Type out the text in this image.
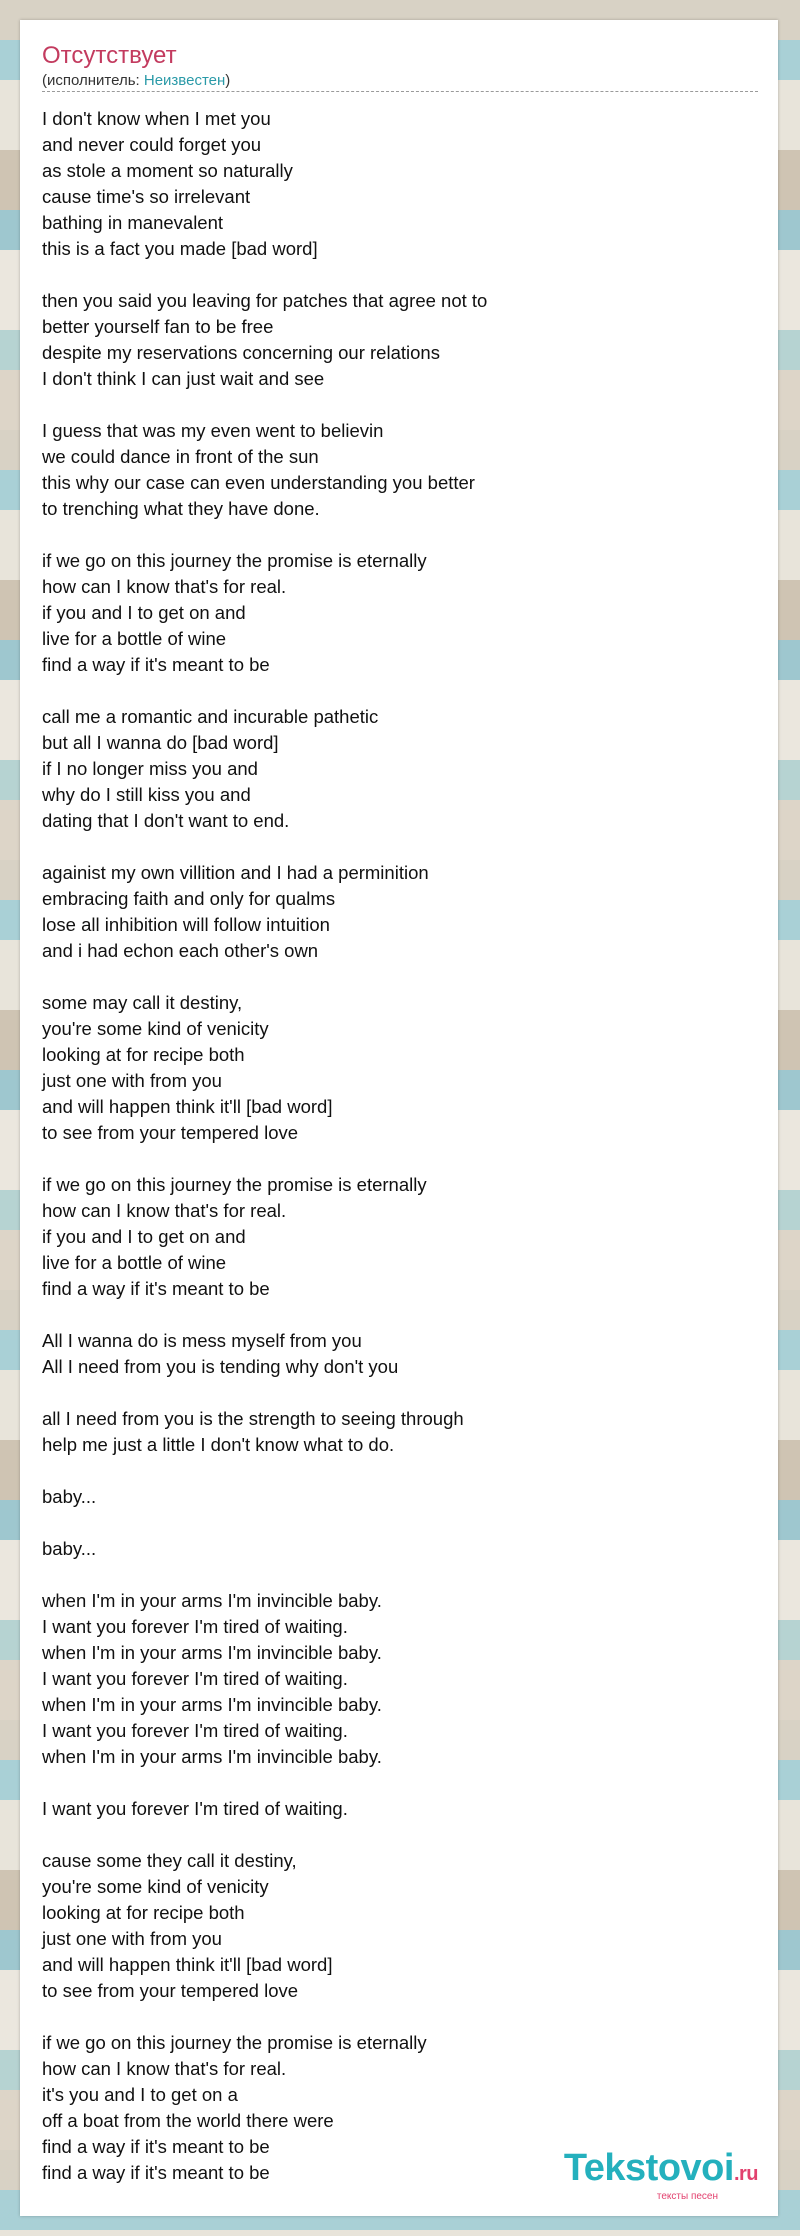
Отсутствует
(исполнитель: Неизвестен)
I don't know when I met you
and never could forget you
as stole a moment so naturally
cause time's so irrelevant
bathing in manevalent
this is a fact you made [bad word]
then you said you leaving for patches that agree not to
better yourself fan to be free
despite my reservations concerning our relations
I don't think I can just wait and see
I guess that was my even went to believin
we could dance in front of the sun
this why our case can even understanding you better
to trenching what they have done.
if we go on this journey the promise is eternally
how can I know that's for real.
if you and I to get on and
live for a bottle of wine
find a way if it's meant to be
call me a romantic and incurable pathetic
but all I wanna do [bad word]
if I no longer miss you and
why do I still kiss you and
dating that I don't want to end.
againist my own villition and I had a perminition
embracing faith and only for qualms
lose all inhibition will follow intuition
and i had echon each other's own
some may call it destiny,
you're some kind of venicity
looking at for recipe both
just one with from you
and will happen think it'll [bad word]
to see from your tempered love
if we go on this journey the promise is eternally
how can I know that's for real.
if you and I to get on and
live for a bottle of wine
find a way if it's meant to be
All I wanna do is mess myself from you
All I need from you is tending why don't you
all I need from you is the strength to seeing through
help me just a little I don't know what to do.
baby...
baby...
when I'm in your arms I'm invincible baby.
I want you forever I'm tired of waiting.
when I'm in your arms I'm invincible baby.
I want you forever I'm tired of waiting.
when I'm in your arms I'm invincible baby.
I want you forever I'm tired of waiting.
when I'm in your arms I'm invincible baby.
I want you forever I'm tired of waiting.
cause some they call it destiny,
you're some kind of venicity
looking at for recipe both
just one with from you
and will happen think it'll [bad word]
to see from your tempered love
if we go on this journey the promise is eternally
how can I know that's for real.
it's you and I to get on a
off a boat from the world there were
find a way if it's meant to be
find a way if it's meant to be	Tekstovoi.ru
тексты песен
